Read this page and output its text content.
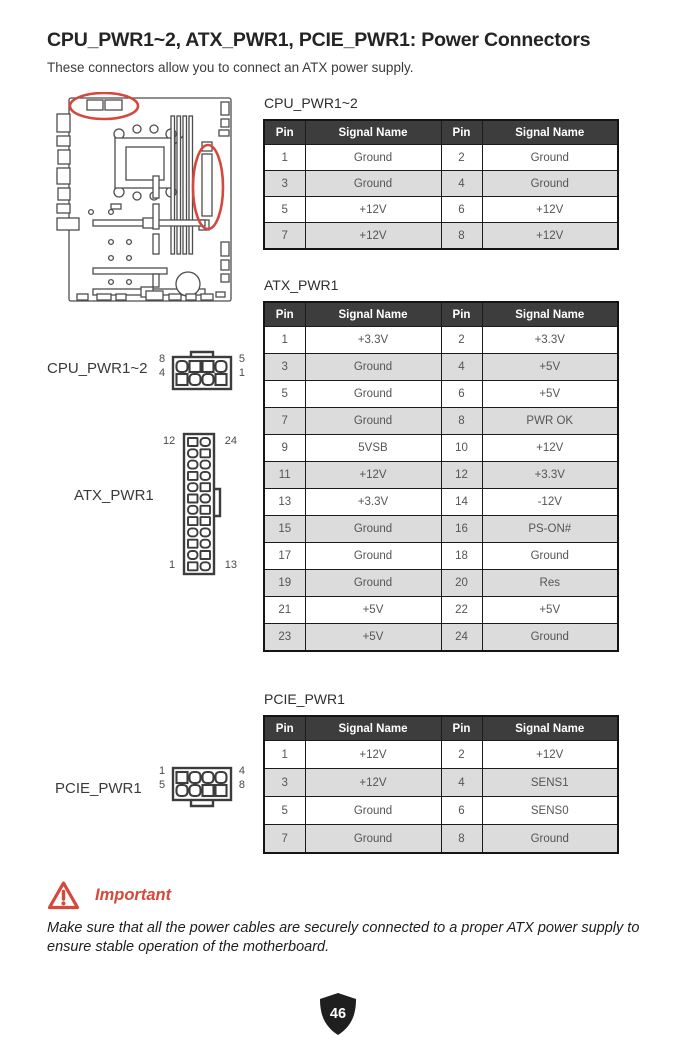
CPU_PWR1~2, ATX_PWR1, PCIE_PWR1: Power Connectors
These connectors allow you to connect an ATX power supply.
CPU_PWR1~2
8
4
5
1
ATX_PWR1
12	24
1	13
PCIE_PWR1
1
5
4
8
CPU_PWR1~2
Pin	Signal Name	Pin	Signal Name
1	Ground	2	Ground
3	Ground	4	Ground
5	+12V	6	+12V
7	+12V	8	+12V
ATX_PWR1
Pin	Signal Name	Pin	Signal Name
1	+3.3V	2	+3.3V
3	Ground	4	+5V
5	Ground	6	+5V
7	Ground	8	PWR OK
9	5VSB	10	+12V
11	+12V	12	+3.3V
13	+3.3V	14	-12V
15	Ground	16	PS-ON#
17	Ground	18	Ground
19	Ground	20	Res
21	+5V	22	+5V
23	+5V	24	Ground
PCIE_PWR1
Pin	Signal Name	Pin	Signal Name
1	+12V	2	+12V
3	+12V	4	SENS1
5	Ground	6	SENS0
7	Ground	8	Ground
Important
Make sure that all the power cables are securely connected to a proper ATX power supply to ensure stable operation of the motherboard.
46
